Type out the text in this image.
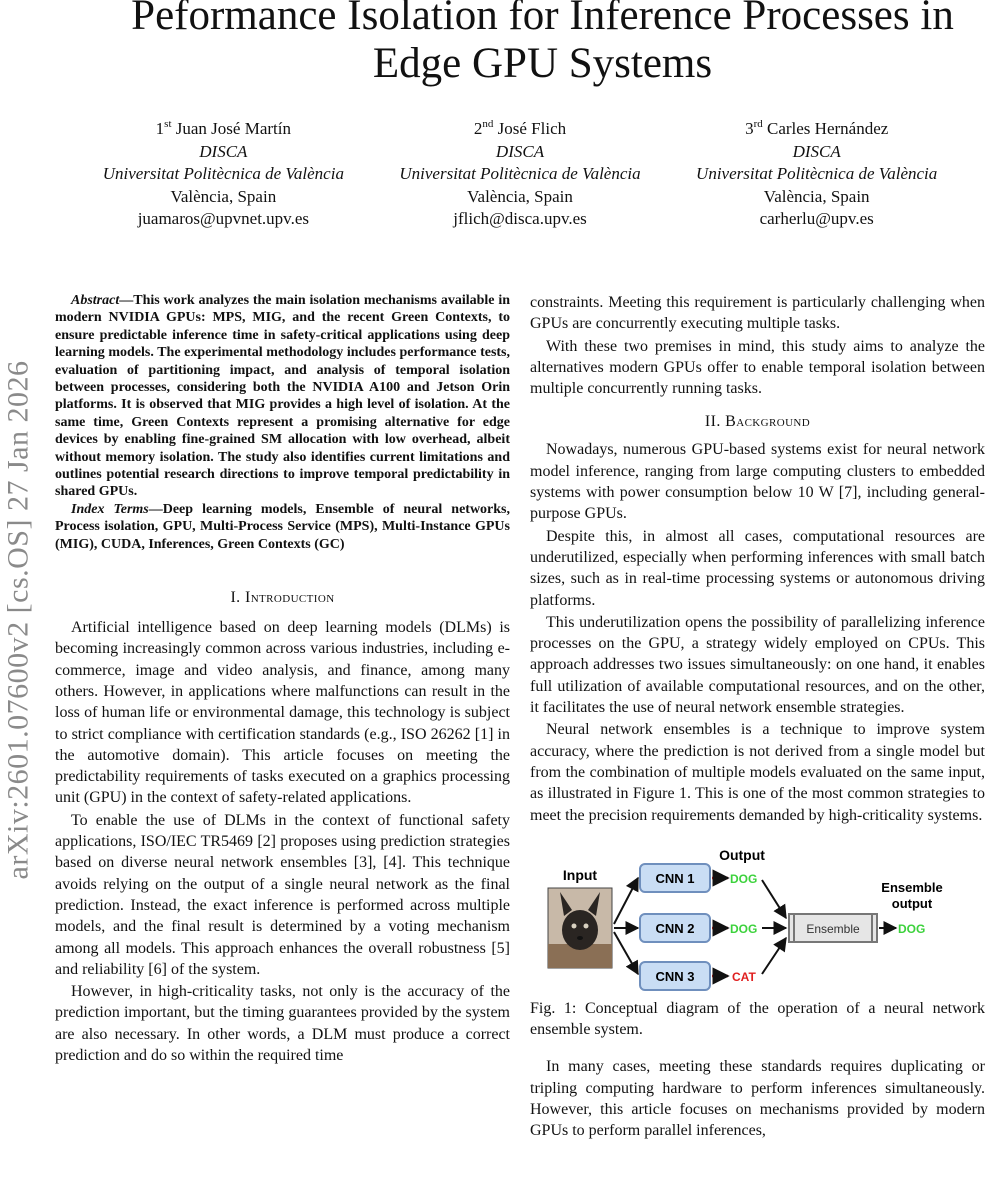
arXiv:2601.07600v2 [cs.OS] 27 Jan 2026
Peformance Isolation for Inference Processes in
Edge GPU Systems
1st Juan José Martín
DISCA
Universitat Politècnica de València
València, Spain
juamaros@upvnet.upv.es
2nd José Flich
DISCA
Universitat Politècnica de València
València, Spain
jflich@disca.upv.es
3rd Carles Hernández
DISCA
Universitat Politècnica de València
València, Spain
carherlu@upv.es

Abstract—This work analyzes the main isolation mechanisms available in modern NVIDIA GPUs: MPS, MIG, and the recent Green Contexts, to ensure predictable inference time in safety-critical applications using deep learning models. The experimental methodology includes performance tests, evaluation of partitioning impact, and analysis of temporal isolation between processes, considering both the NVIDIA A100 and Jetson Orin platforms. It is observed that MIG provides a high level of isolation. At the same time, Green Contexts represent a promising alternative for edge devices by enabling fine-grained SM allocation with low overhead, albeit without memory isolation. The study also identifies current limitations and outlines potential research directions to improve temporal predictability in shared GPUs.

Index Terms—Deep learning models, Ensemble of neural networks, Process isolation, GPU, Multi-Process Service (MPS), Multi-Instance GPUs (MIG), CUDA, Inferences, Green Contexts (GC)

I. Introduction

Artificial intelligence based on deep learning models (DLMs) is becoming increasingly common across various industries, including e-commerce, image and video analysis, and finance, among many others. However, in applications where malfunctions can result in the loss of human life or environmental damage, this technology is subject to strict compliance with certification standards (e.g., ISO 26262 [1] in the automotive domain). This article focuses on meeting the predictability requirements of tasks executed on a graphics processing unit (GPU) in the context of safety-related applications.

To enable the use of DLMs in the context of functional safety applications, ISO/IEC TR5469 [2] proposes using prediction strategies based on diverse neural network ensembles [3], [4]. This technique avoids relying on the output of a single neural network as the final prediction. Instead, the exact inference is performed across multiple models, and the final result is determined by a voting mechanism among all models. This approach enhances the overall robustness [5] and reliability [6] of the system.

However, in high-criticality tasks, not only is the accuracy of the prediction important, but the timing guarantees provided by the system are also necessary. In other words, a DLM must produce a correct prediction and do so within the required time

constraints. Meeting this requirement is particularly challenging when GPUs are concurrently executing multiple tasks.

With these two premises in mind, this study aims to analyze the alternatives modern GPUs offer to enable temporal isolation between multiple concurrently running tasks.

II. Background

Nowadays, numerous GPU-based systems exist for neural network model inference, ranging from large computing clusters to embedded systems with power consumption below 10 W [7], including general-purpose GPUs.

Despite this, in almost all cases, computational resources are underutilized, especially when performing inferences with small batch sizes, such as in real-time processing systems or autonomous driving platforms.

This underutilization opens the possibility of parallelizing inference processes on the GPU, a strategy widely employed on CPUs. This approach addresses two issues simultaneously: on one hand, it enables full utilization of available computational resources, and on the other, it facilitates the use of neural network ensemble strategies.

Neural network ensembles is a technique to improve system accuracy, where the prediction is not derived from a single model but from the combination of multiple models evaluated on the same input, as illustrated in Figure 1. This is one of the most common strategies to meet the precision requirements demanded by high-criticality systems.

Input	CNN 1
CNN 2
CNN 3
Output
DOG
DOG
CAT
Ensemble	DOG
Ensemble
output

Fig. 1: Conceptual diagram of the operation of a neural network ensemble system.

In many cases, meeting these standards requires duplicating or tripling computing hardware to perform inferences simultaneously. However, this article focuses on mechanisms provided by modern GPUs to perform parallel inferences,
